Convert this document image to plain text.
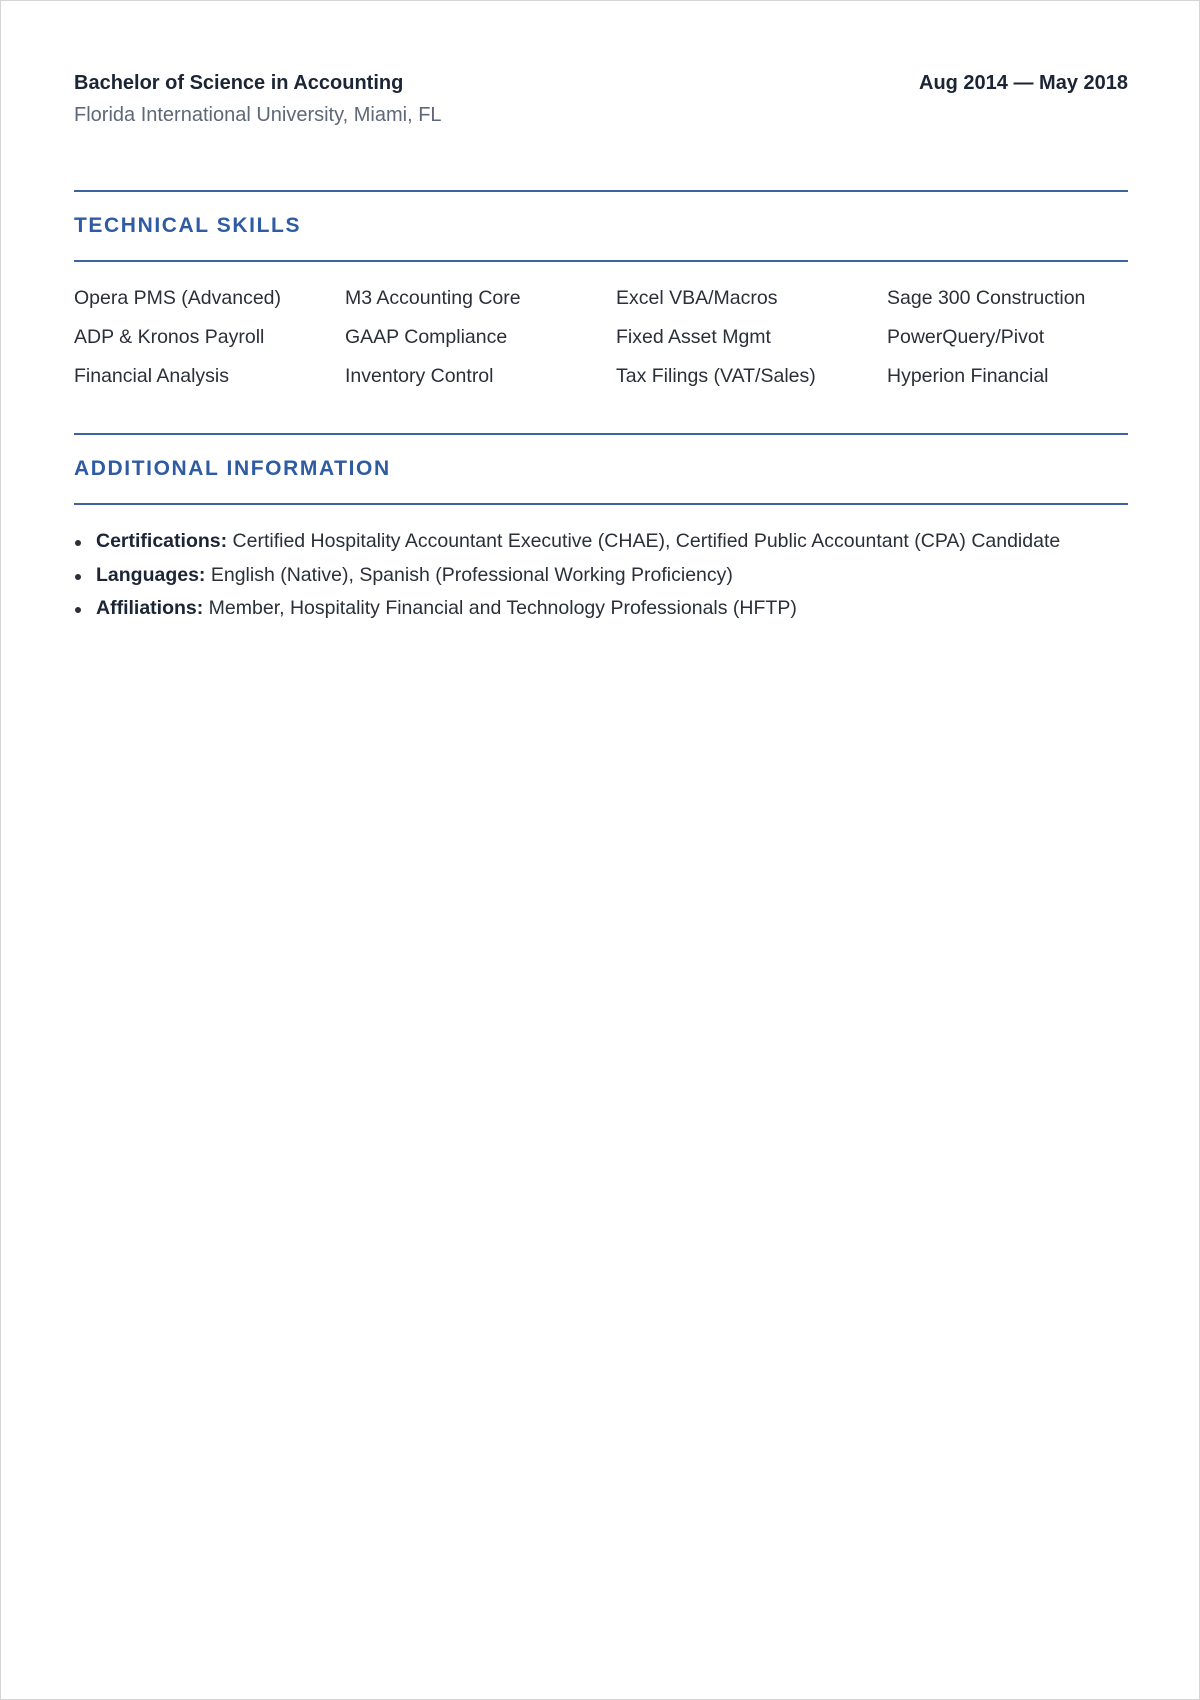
Bachelor of Science in Accounting	Aug 2014 — May 2018
Florida International University, Miami, FL
TECHNICAL SKILLS
Opera PMS (Advanced)	M3 Accounting Core	Excel VBA/Macros	Sage 300 Construction
ADP & Kronos Payroll	GAAP Compliance	Fixed Asset Mgmt	PowerQuery/Pivot
Financial Analysis	Inventory Control	Tax Filings (VAT/Sales)	Hyperion Financial
ADDITIONAL INFORMATION
Certifications: Certified Hospitality Accountant Executive (CHAE), Certified Public Accountant (CPA) Candidate
Languages: English (Native), Spanish (Professional Working Proficiency)
Affiliations: Member, Hospitality Financial and Technology Professionals (HFTP)
